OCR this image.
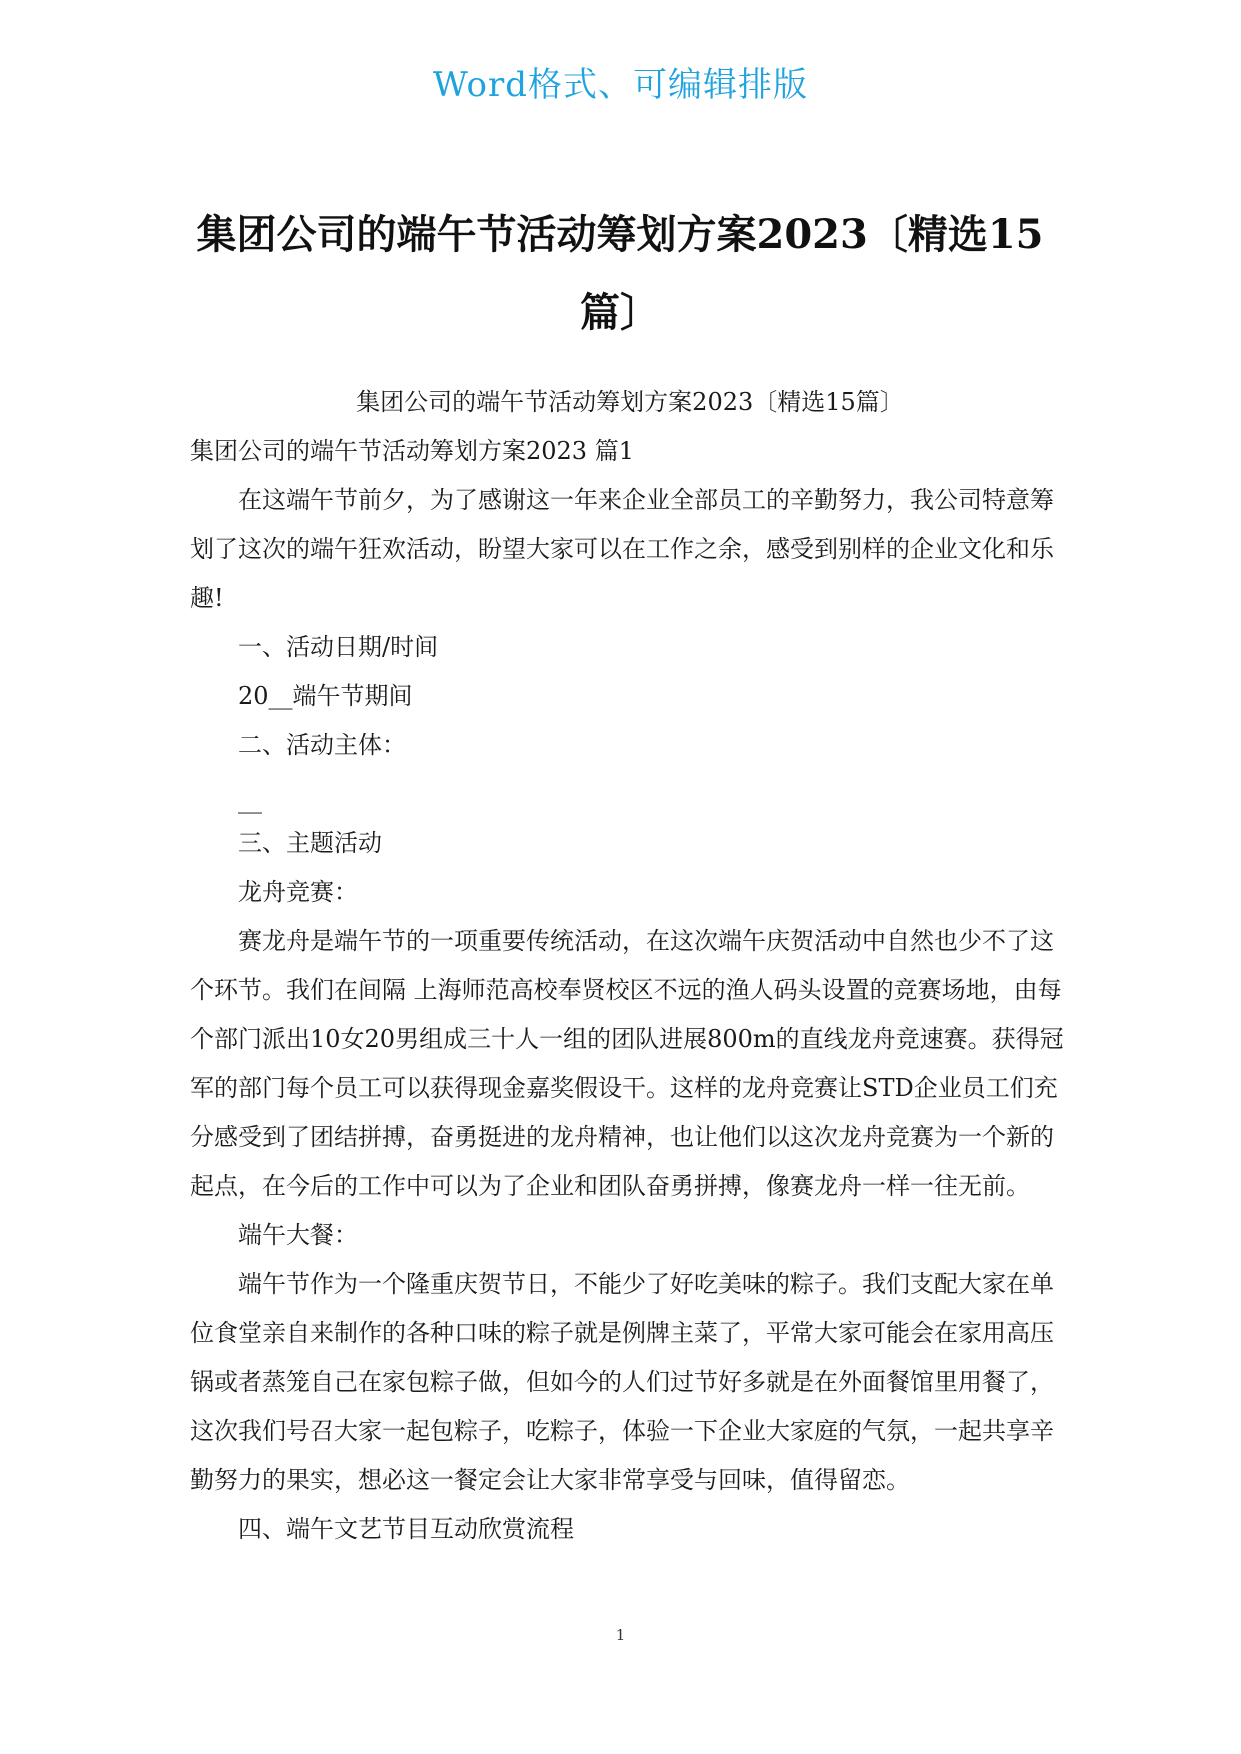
Word格式、可编辑排版
集团公司的端午节活动筹划方案2023〔精选15篇〕
集团公司的端午节活动筹划方案2023〔精选15篇〕

集团公司的端午节活动筹划方案2023 篇1

在这端午节前夕，为了感谢这一年来企业全部员工的辛勤努力，我公司特意筹划了这次的端午狂欢活动，盼望大家可以在工作之余，感受到别样的企业文化和乐趣!

一、活动日期/时间

20__端午节期间

二、活动主体：

__

三、主题活动

龙舟竞赛：

赛龙舟是端午节的一项重要传统活动，在这次端午庆贺活动中自然也少不了这个环节。我们在间隔 上海师范高校奉贤校区不远的渔人码头设置的竞赛场地，由每个部门派出10女20男组成三十人一组的团队进展800m的直线龙舟竞速赛。获得冠军的部门每个员工可以获得现金嘉奖假设干。这样的龙舟竞赛让STD企业员工们充分感受到了团结拼搏，奋勇挺进的龙舟精神，也让他们以这次龙舟竞赛为一个新的起点，在今后的工作中可以为了企业和团队奋勇拼搏，像赛龙舟一样一往无前。

端午大餐：

端午节作为一个隆重庆贺节日，不能少了好吃美味的粽子。我们支配大家在单位食堂亲自来制作的各种口味的粽子就是例牌主菜了，平常大家可能会在家用高压锅或者蒸笼自己在家包粽子做，但如今的人们过节好多就是在外面餐馆里用餐了，这次我们号召大家一起包粽子，吃粽子，体验一下企业大家庭的气氛，一起共享辛勤努力的果实，想必这一餐定会让大家非常享受与回味，值得留恋。

四、端午文艺节目互动欣赏流程

1
